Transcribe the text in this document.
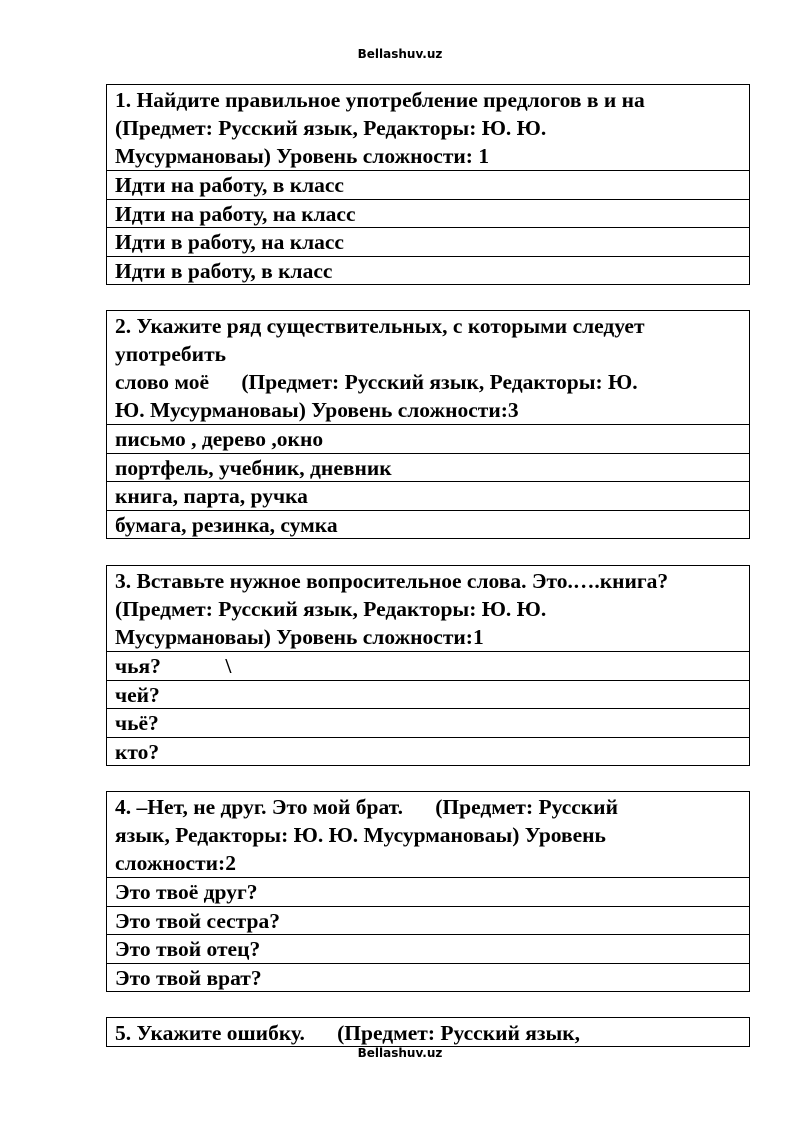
Bellashuv.uz
1. Найдите правильное употребление предлогов в и на
(Предмет: Русский язык, Редакторы: Ю. Ю.
Мусурмановаы) Уровень сложности: 1
Идти на работу, в класс
Идти на работу, на класс
Идти в работу, на класс
Идти в работу, в класс
2. Укажите ряд существительных, с которыми следует
употребить
слово моё      (Предмет: Русский язык, Редакторы: Ю.
Ю. Мусурмановаы) Уровень сложности:3
письмо , дерево ,окно
портфель, учебник, дневник
книга, парта, ручка
бумага, резинка, сумка
3. Вставьте нужное вопросительное слова. Это.….книга?
(Предмет: Русский язык, Редакторы: Ю. Ю.
Мусурмановаы) Уровень сложности:1
чья?            \
чей?
чьё?
кто?
4. –Нет, не друг. Это мой брат.      (Предмет: Русский
язык, Редакторы: Ю. Ю. Мусурмановаы) Уровень
сложности:2
Это твоё друг?
Это твой сестра?
Это твой отец?
Это твой врат?
5. Укажите ошибку.      (Предмет: Русский язык,
Bellashuv.uz
